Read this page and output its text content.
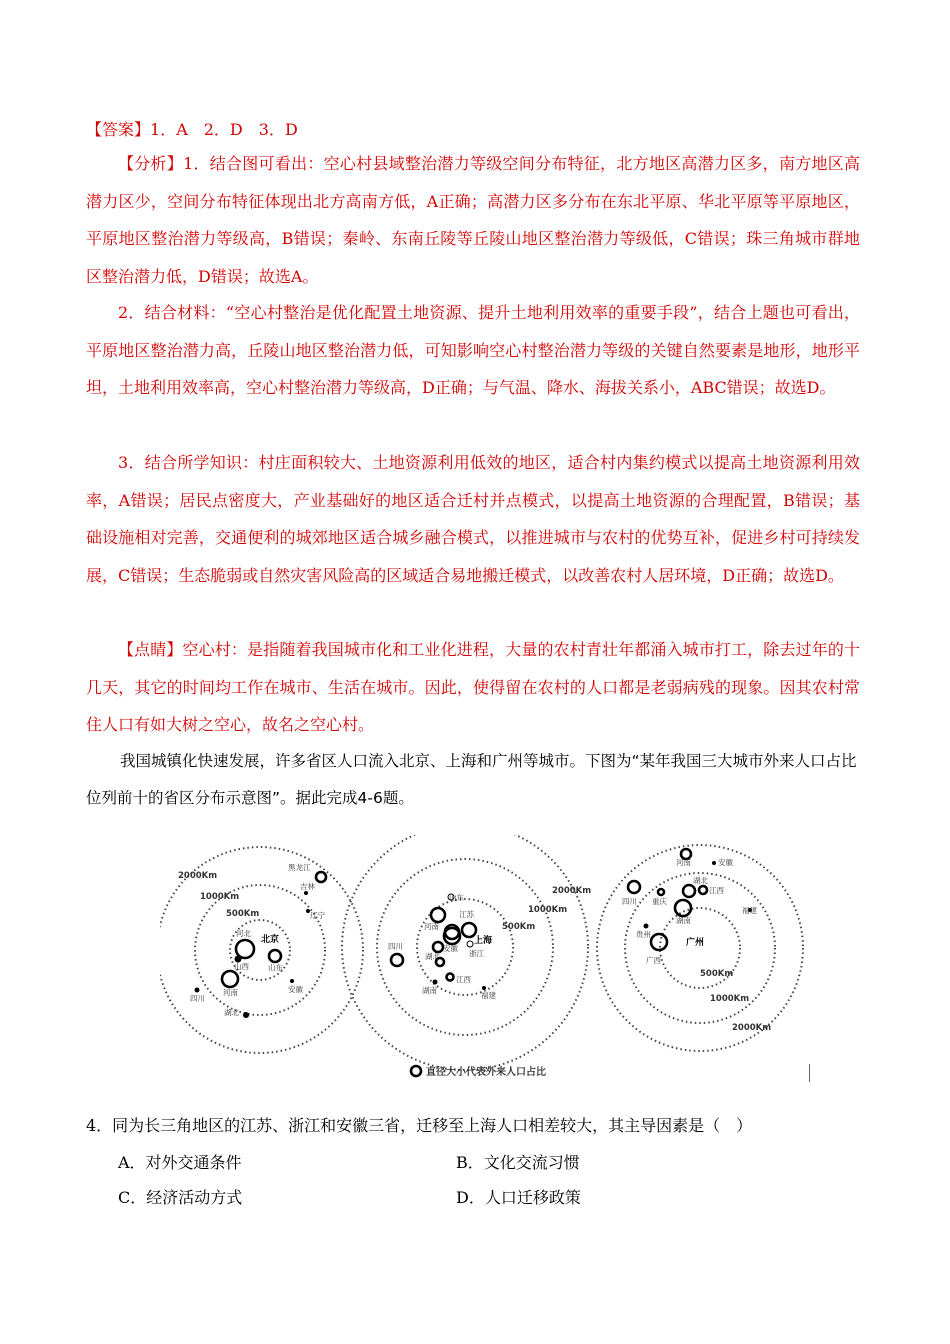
【答案】1．A　2．D　3．D
【分析】1．结合图可看出：空心村县域整治潜力等级空间分布特征，北方地区高潜力区多，南方地区高潜力区少，空间分布特征体现出北方高南方低，A正确；高潜力区多分布在东北平原、华北平原等平原地区，平原地区整治潜力等级高，B错误；秦岭、东南丘陵等丘陵山地区整治潜力等级低，C错误；珠三角城市群地区整治潜力低，D错误；故选A。
2．结合材料：“空心村整治是优化配置土地资源、提升土地利用效率的重要手段”，结合上题也可看出，平原地区整治潜力高，丘陵山地区整治潜力低，可知影响空心村整治潜力等级的关键自然要素是地形，地形平坦，土地利用效率高，空心村整治潜力等级高，D正确；与气温、降水、海拔关系小，ABC错误；故选D。
3．结合所学知识：村庄面积较大、土地资源利用低效的地区，适合村内集约模式以提高土地资源利用效率，A错误；居民点密度大，产业基础好的地区适合迁村并点模式，以提高土地资源的合理配置，B错误；基础设施相对完善，交通便利的城郊地区适合城乡融合模式，以推进城市与农村的优势互补，促进乡村可持续发展，C错误；生态脆弱或自然灾害风险高的区域适合易地搬迁模式，以改善农村人居环境，D正确；故选D。
【点睛】空心村：是指随着我国城市化和工业化进程，大量的农村青壮年都涌入城市打工，除去过年的十几天，其它的时间均工作在城市、生活在城市。因此，使得留在农村的人口都是老弱病残的现象。因其农村常住人口有如大树之空心，故名之空心村。
我国城镇化快速发展，许多省区人口流入北京、上海和广州等城市。下图为“某年我国三大城市外来人口占比位列前十的省区分布示意图”。据此完成4-6题。
2000Km
1000Km
500Km
2000Km
1000Km
500Km
500Km
1000Km
2000Km
北京
河北
山西	山东
河南	安徽
四川
湖北
黑龙江
吉林
辽宁
上海
山东
江苏
河南
安徽
浙江
四川
湖北
江西
湖南
福建
广州
河南	安徽
湖北
重庆
四川
江西
湖南
贵州
广西
福建
直径大小代表外来人口占比
4．同为长三角地区的江苏、浙江和安徽三省，迁移至上海人口相差较大，其主导因素是（　）
A．对外交通条件	B．文化交流习惯
C．经济活动方式	D．人口迁移政策
